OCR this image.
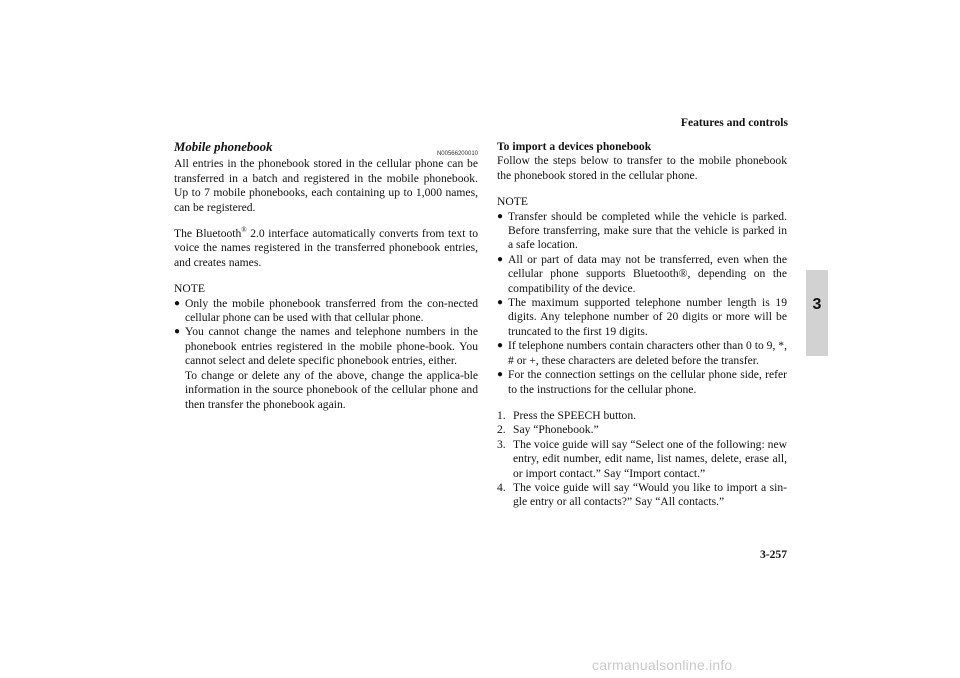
Features and controls
3
Mobile phonebook	N00566200010

All entries in the phonebook stored in the cellular phone can be transferred in a batch and registered in the mobile phonebook. Up to 7 mobile phonebooks, each containing up to 1,000 names, can be registered.

The Bluetooth® 2.0 interface automatically converts from text to voice the names registered in the transferred phonebook entries, and creates names.

NOTE
● Only the mobile phonebook transferred from the con-nected cellular phone can be used with that cellular phone.
● You cannot change the names and telephone numbers in the phonebook entries registered in the mobile phone-book. You cannot select and delete specific phonebook entries, either.
To change or delete any of the above, change the applica-ble information in the source phonebook of the cellular phone and then transfer the phonebook again.
To import a devices phonebook

Follow the steps below to transfer to the mobile phonebook the phonebook stored in the cellular phone.

NOTE
● Transfer should be completed while the vehicle is parked. Before transferring, make sure that the vehicle is parked in a safe location.
● All or part of data may not be transferred, even when the cellular phone supports Bluetooth®, depending on the compatibility of the device.
● The maximum supported telephone number length is 19 digits. Any telephone number of 20 digits or more will be truncated to the first 19 digits.
● If telephone numbers contain characters other than 0 to 9, *, # or +, these characters are deleted before the transfer.
● For the connection settings on the cellular phone side, refer to the instructions for the cellular phone.
1. Press the SPEECH button.
2. Say “Phonebook.”
3. The voice guide will say “Select one of the following: new entry, edit number, edit name, list names, delete, erase all, or import contact.” Say “Import contact.”
4. The voice guide will say “Would you like to import a sin-gle entry or all contacts?” Say “All contacts.”
3-257
carmanualsonline.info
